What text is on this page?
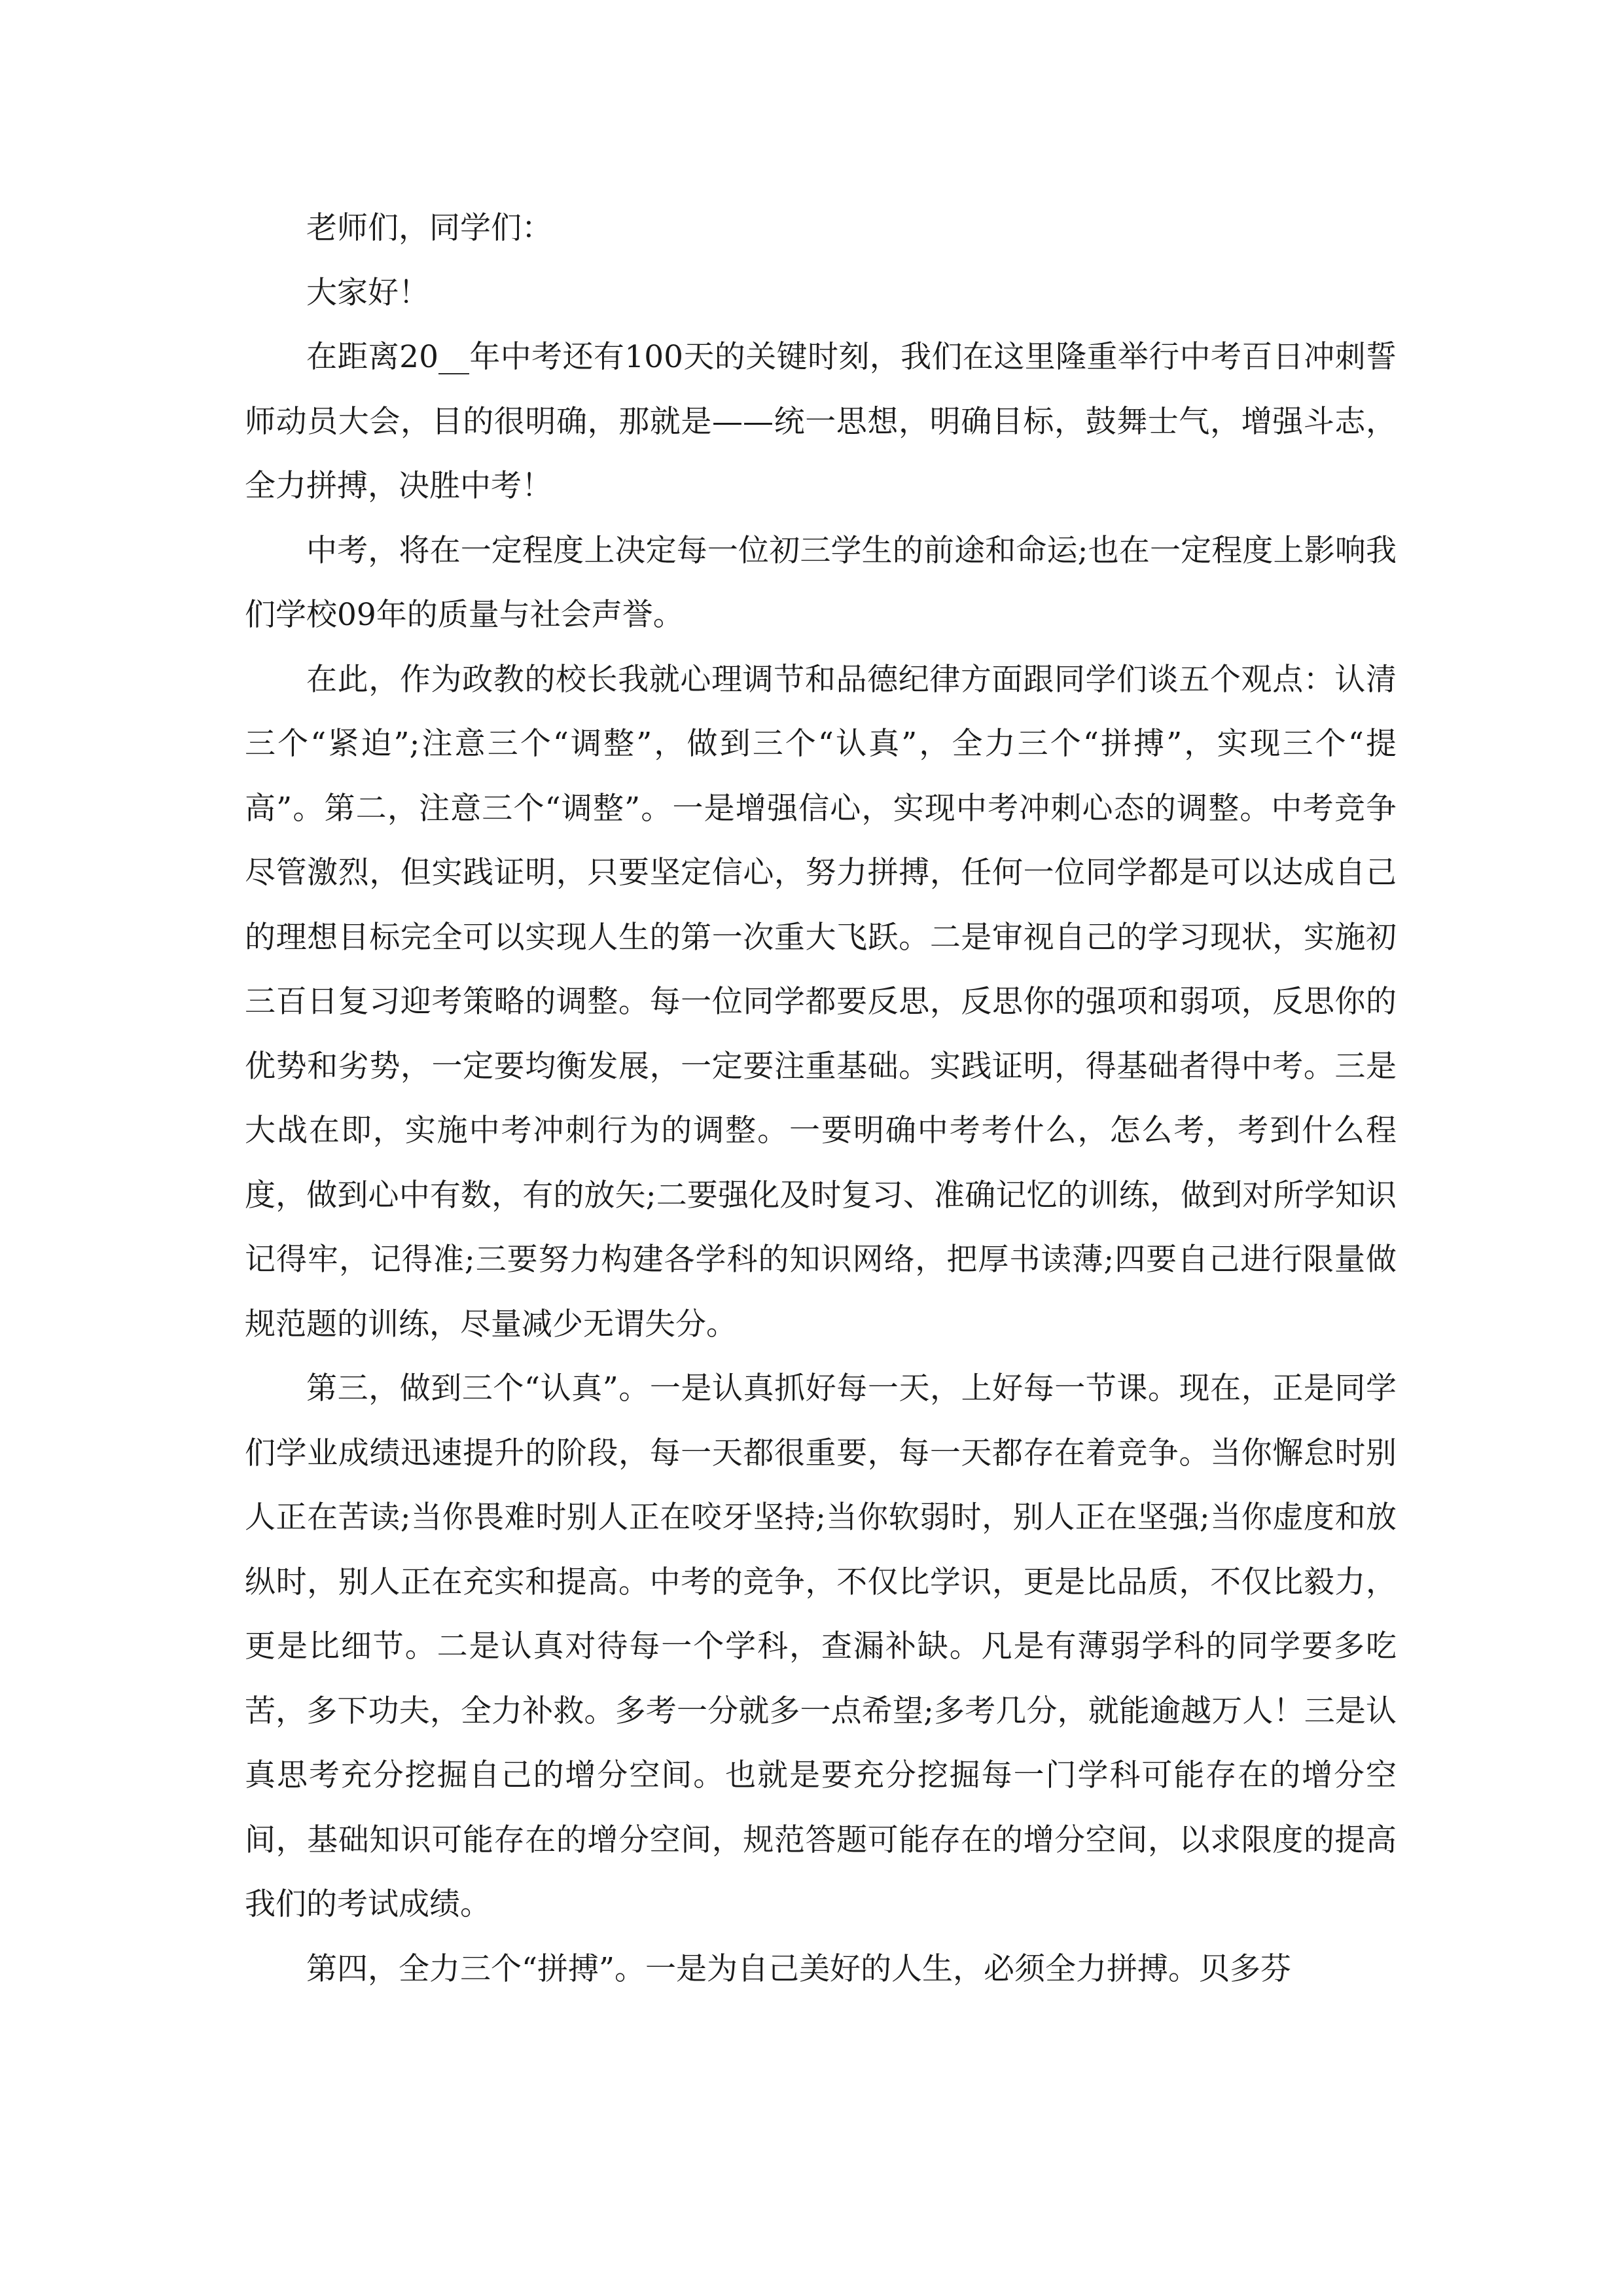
老师们，同学们：

大家好！

在距离20__年中考还有100天的关键时刻，我们在这里隆重举行中考百日冲刺誓师动员大会，目的很明确，那就是——统一思想，明确目标，鼓舞士气，增强斗志，全力拼搏，决胜中考！

中考，将在一定程度上决定每一位初三学生的前途和命运;也在一定程度上影响我们学校09年的质量与社会声誉。

在此，作为政教的校长我就心理调节和品德纪律方面跟同学们谈五个观点：认清三个“紧迫”;注意三个“调整”，做到三个“认真”，全力三个“拼搏”，实现三个“提高”。第二，注意三个“调整”。一是增强信心，实现中考冲刺心态的调整。中考竞争尽管激烈，但实践证明，只要坚定信心，努力拼搏，任何一位同学都是可以达成自己的理想目标完全可以实现人生的第一次重大飞跃。二是审视自己的学习现状，实施初三百日复习迎考策略的调整。每一位同学都要反思，反思你的强项和弱项，反思你的优势和劣势，一定要均衡发展，一定要注重基础。实践证明，得基础者得中考。三是大战在即，实施中考冲刺行为的调整。一要明确中考考什么，怎么考，考到什么程度，做到心中有数，有的放矢;二要强化及时复习、准确记忆的训练，做到对所学知识记得牢，记得准;三要努力构建各学科的知识网络，把厚书读薄;四要自己进行限量做规范题的训练，尽量减少无谓失分。

第三，做到三个“认真”。一是认真抓好每一天，上好每一节课。现在，正是同学们学业成绩迅速提升的阶段，每一天都很重要，每一天都存在着竞争。当你懈怠时别人正在苦读;当你畏难时别人正在咬牙坚持;当你软弱时，别人正在坚强;当你虚度和放纵时，别人正在充实和提高。中考的竞争，不仅比学识，更是比品质，不仅比毅力，更是比细节。二是认真对待每一个学科，查漏补缺。凡是有薄弱学科的同学要多吃苦，多下功夫，全力补救。多考一分就多一点希望;多考几分，就能逾越万人！三是认真思考充分挖掘自己的增分空间。也就是要充分挖掘每一门学科可能存在的增分空间，基础知识可能存在的增分空间，规范答题可能存在的增分空间，以求限度的提高我们的考试成绩。

第四，全力三个“拼搏”。一是为自己美好的人生，必须全力拼搏。贝多芬
